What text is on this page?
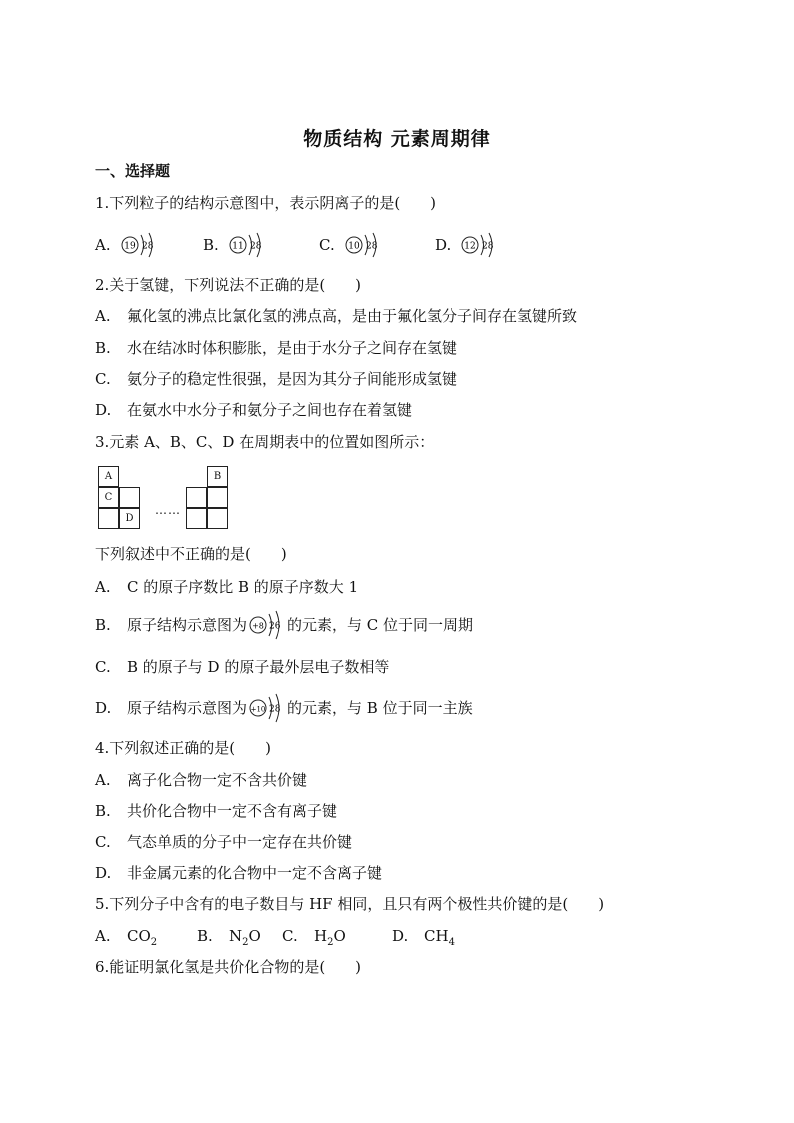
物质结构 元素周期律
一、选择题
1.下列粒子的结构示意图中，表示阴离子的是(　　)
A. 19 28	B. 11 28	C. 10 28	D. 12 28
2.关于氢键，下列说法不正确的是(　　)
A. 氟化氢的沸点比氯化氢的沸点高，是由于氟化氢分子间存在氢键所致
B. 水在结冰时体积膨胀，是由于水分子之间存在氢键
C. 氨分子的稳定性很强，是因为其分子间能形成氢键
D. 在氨水中水分子和氨分子之间也存在着氢键
3.元素 A、B、C、D 在周期表中的位置如图所示：
A
C
D
B
……
下列叙述中不正确的是(　　)
A. C 的原子序数比 B 的原子序数大 1
B.	原子结构示意图为 +8 26 的元素，与 C 位于同一周期
C. B 的原子与 D 的原子最外层电子数相等
D.	原子结构示意图为 +10 28 的元素，与 B 位于同一主族
4.下列叙述正确的是(　　)
A. 离子化合物一定不含共价键
B. 共价化合物中一定不含有离子键
C. 气态单质的分子中一定存在共价键
D. 非金属元素的化合物中一定不含离子键
5.下列分子中含有的电子数目与 HF 相同，且只有两个极性共价键的是(　　)
A. $CO_2$	B. $N_2O$ C. $H_2O$	D. $CH_4$
6.能证明氯化氢是共价化合物的是(　　)
